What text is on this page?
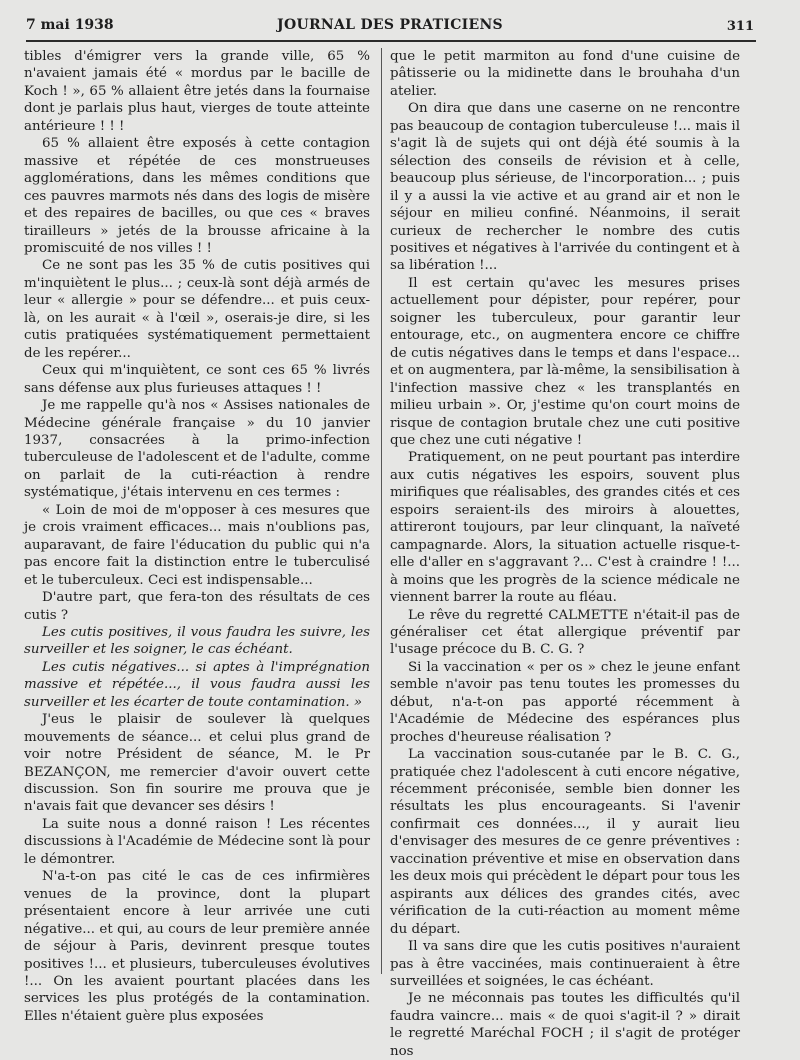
7 mai 1938	JOURNAL DES PRATICIENS	311

tibles d'émigrer vers la grande ville, 65 % n'avaient jamais été « mordus par le bacille de Koch ! », 65 % allaient être jetés dans la fournaise dont je parlais plus haut, vierges de toute atteinte antérieure ! ! !

65 % allaient être exposés à cette contagion massive et répétée de ces monstrueuses agglomérations, dans les mêmes conditions que ces pauvres marmots nés dans des logis de misère et des repaires de bacilles, ou que ces « braves tirailleurs » jetés de la brousse africaine à la promiscuité de nos villes ! !

Ce ne sont pas les 35 % de cutis positives qui m'inquiètent le plus... ; ceux-là sont déjà armés de leur « allergie » pour se défendre... et puis ceux-là, on les aurait « à l'œil », oserais-je dire, si les cutis pratiquées systématiquement permettaient de les repérer...

Ceux qui m'inquiètent, ce sont ces 65 % livrés sans défense aux plus furieuses attaques ! !

Je me rappelle qu'à nos « Assises nationales de Médecine générale française » du 10 janvier 1937, consacrées à la primo-infection tuberculeuse de l'adolescent et de l'adulte, comme on parlait de la cuti-réaction à rendre systématique, j'étais intervenu en ces termes :

« Loin de moi de m'opposer à ces mesures que je crois vraiment efficaces... mais n'oublions pas, auparavant, de faire l'éducation du public qui n'a pas encore fait la distinction entre le tuberculisé et le tuberculeux. Ceci est indispensable...

D'autre part, que fera-ton des résultats de ces cutis ?

Les cutis positives, il vous faudra les suivre, les surveiller et les soigner, le cas échéant.

Les cutis négatives... si aptes à l'imprégnation massive et répétée..., il vous faudra aussi les surveiller et les écarter de toute contamination. »

J'eus le plaisir de soulever là quelques mouvements de séance... et celui plus grand de voir notre Président de séance, M. le Pr BEZANÇON, me remercier d'avoir ouvert cette discussion. Son fin sourire me prouva que je n'avais fait que devancer ses désirs !

La suite nous a donné raison ! Les récentes discussions à l'Académie de Médecine sont là pour le démontrer.

N'a-t-on pas cité le cas de ces infirmières venues de la province, dont la plupart présentaient encore à leur arrivée une cuti négative... et qui, au cours de leur première année de séjour à Paris, devinrent presque toutes positives !... et plusieurs, tuberculeuses évolutives !... On les avaient pourtant placées dans les services les plus protégés de la contamination. Elles n'étaient guère plus exposées

que le petit marmiton au fond d'une cuisine de pâtisserie ou la midinette dans le brouhaha d'un atelier.

On dira que dans une caserne on ne rencontre pas beaucoup de contagion tuberculeuse !... mais il s'agit là de sujets qui ont déjà été soumis à la sélection des conseils de révision et à celle, beaucoup plus sérieuse, de l'incorporation... ; puis il y a aussi la vie active et au grand air et non le séjour en milieu confiné. Néanmoins, il serait curieux de rechercher le nombre des cutis positives et négatives à l'arrivée du contingent et à sa libération !...

Il est certain qu'avec les mesures prises actuellement pour dépister, pour repérer, pour soigner les tuberculeux, pour garantir leur entourage, etc., on augmentera encore ce chiffre de cutis négatives dans le temps et dans l'espace... et on augmentera, par là-même, la sensibilisation à l'infection massive chez « les transplantés en milieu urbain ». Or, j'estime qu'on court moins de risque de contagion brutale chez une cuti positive que chez une cuti négative !

Pratiquement, on ne peut pourtant pas interdire aux cutis négatives les espoirs, souvent plus mirifiques que réalisables, des grandes cités et ces espoirs seraient-ils des miroirs à alouettes, attireront toujours, par leur clinquant, la naïveté campagnarde. Alors, la situation actuelle risque-t-elle d'aller en s'aggravant ?... C'est à craindre ! !... à moins que les progrès de la science médicale ne viennent barrer la route au fléau.

Le rêve du regretté CALMETTE n'était-il pas de généraliser cet état allergique préventif par l'usage précoce du B. C. G. ?

Si la vaccination « per os » chez le jeune enfant semble n'avoir pas tenu toutes les promesses du début, n'a-t-on pas apporté récemment à l'Académie de Médecine des espérances plus proches d'heureuse réalisation ?

La vaccination sous-cutanée par le B. C. G., pratiquée chez l'adolescent à cuti encore négative, récemment préconisée, semble bien donner les résultats les plus encourageants. Si l'avenir confirmait ces données..., il y aurait lieu d'envisager des mesures de ce genre préventives : vaccination préventive et mise en observation dans les deux mois qui précèdent le départ pour tous les aspirants aux délices des grandes cités, avec vérification de la cuti-réaction au moment même du départ.

Il va sans dire que les cutis positives n'auraient pas à être vaccinées, mais continueraient à être surveillées et soignées, le cas échéant.

Je ne méconnais pas toutes les difficultés qu'il faudra vaincre... mais « de quoi s'agit-il ? » dirait le regretté Maréchal FOCH ; il s'agit de protéger nos
